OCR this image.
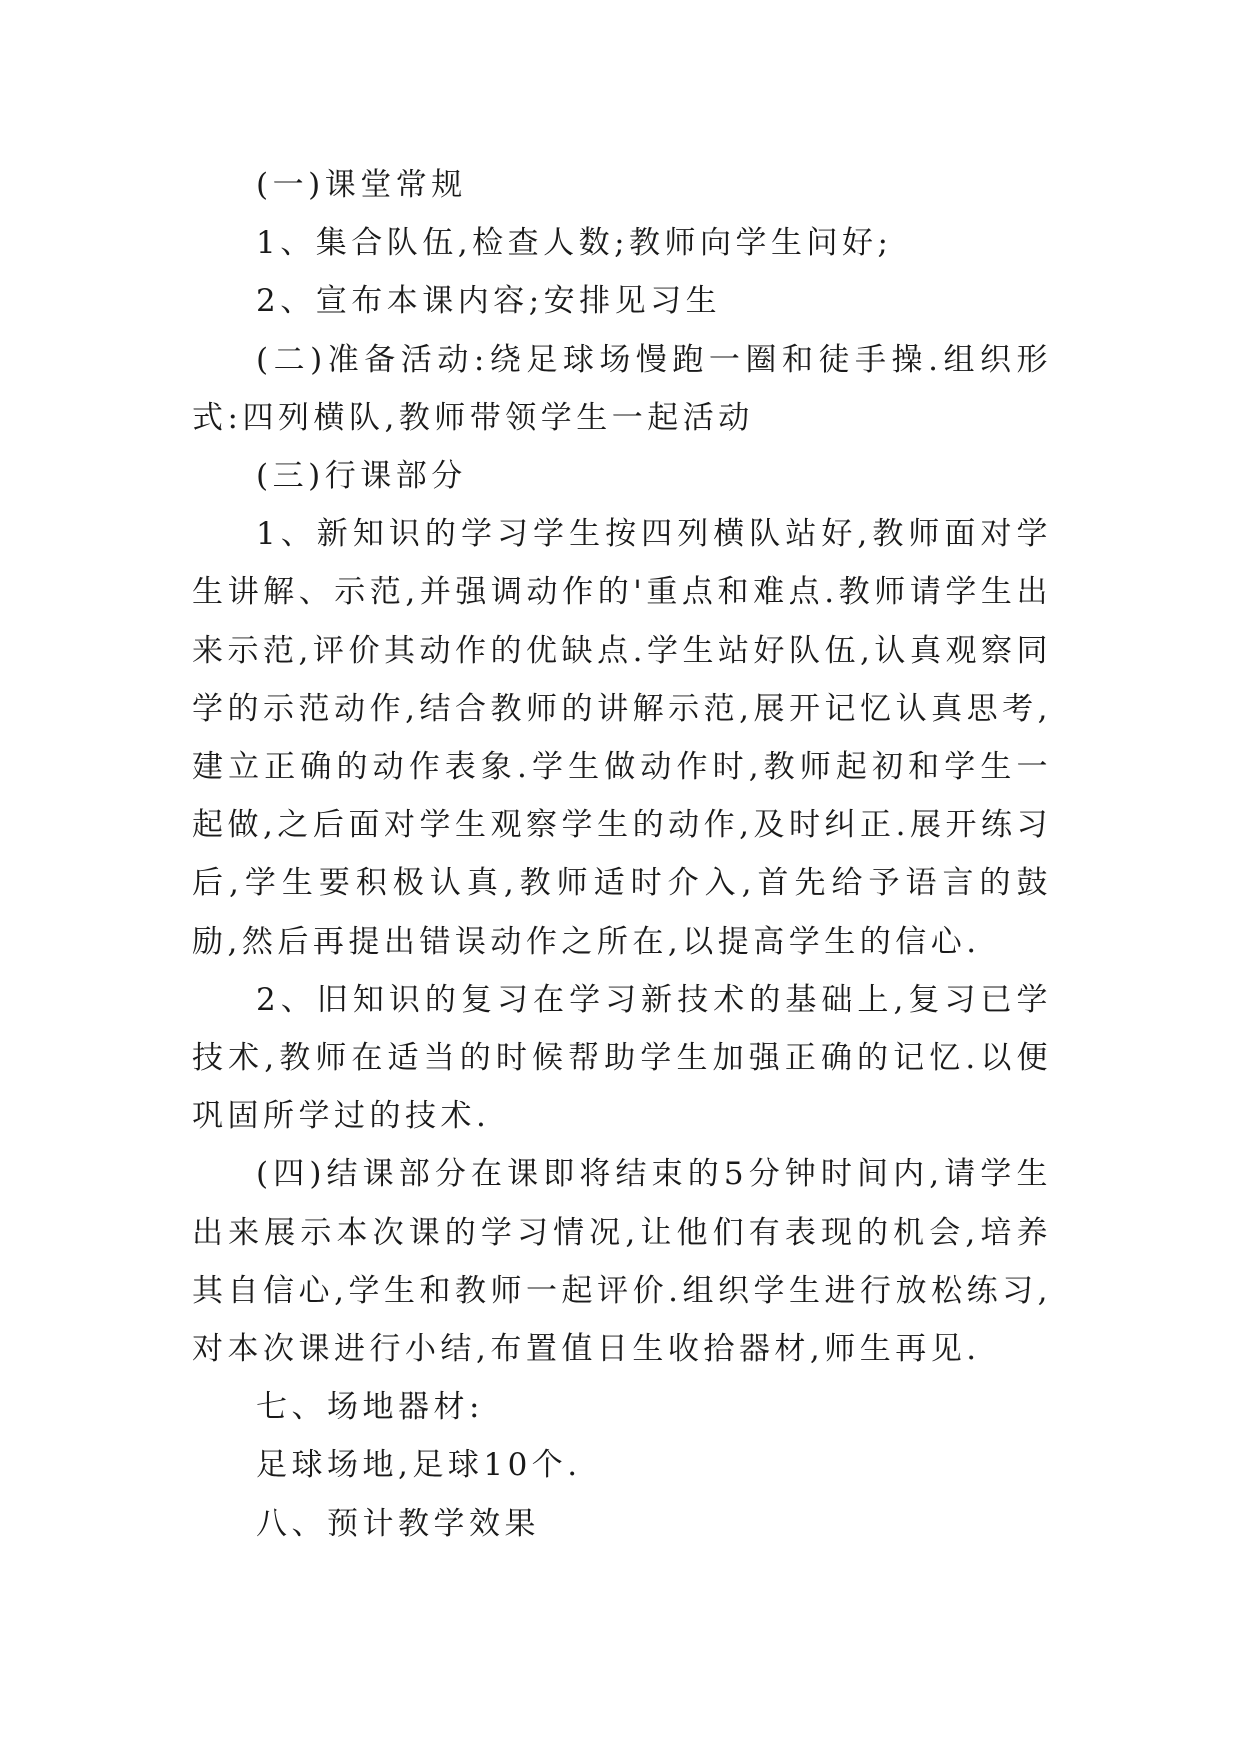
(一)课堂常规

1、集合队伍,检查人数;教师向学生问好;

2、宣布本课内容;安排见习生

(二)准备活动:绕足球场慢跑一圈和徒手操.组织形式:四列横队,教师带领学生一起活动

(三)行课部分

1、新知识的学习学生按四列横队站好,教师面对学生讲解、示范,并强调动作的'重点和难点.教师请学生出来示范,评价其动作的优缺点.学生站好队伍,认真观察同学的示范动作,结合教师的讲解示范,展开记忆认真思考,建立正确的动作表象.学生做动作时,教师起初和学生一起做,之后面对学生观察学生的动作,及时纠正.展开练习后,学生要积极认真,教师适时介入,首先给予语言的鼓励,然后再提出错误动作之所在,以提高学生的信心.

2、旧知识的复习在学习新技术的基础上,复习已学技术,教师在适当的时候帮助学生加强正确的记忆.以便巩固所学过的技术.

(四)结课部分在课即将结束的5分钟时间内,请学生出来展示本次课的学习情况,让他们有表现的机会,培养其自信心,学生和教师一起评价.组织学生进行放松练习,对本次课进行小结,布置值日生收拾器材,师生再见.

七、场地器材:

足球场地,足球10个.

八、预计教学效果
